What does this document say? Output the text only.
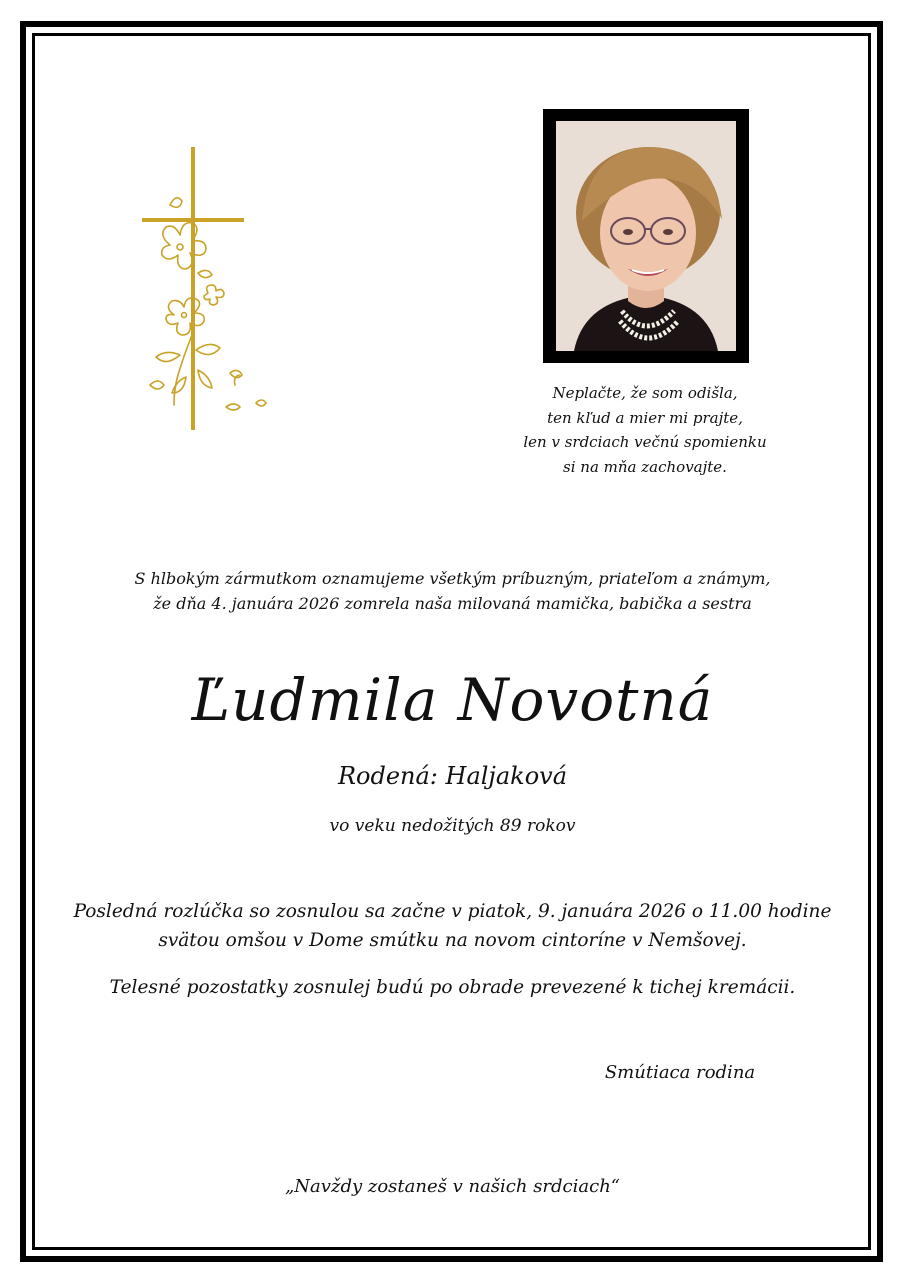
Neplačte, že som odišla,
ten kľud a mier mi prajte,
len v srdciach večnú spomienku
si na mňa zachovajte.
S hlbokým zármutkom oznamujeme všetkým príbuzným, priateľom a známym,
že dňa 4. januára 2026 zomrela naša milovaná mamička, babička a sestra
Ľudmila Novotná
Rodená: Haljaková
vo veku nedožitých 89 rokov
Posledná rozlúčka so zosnulou sa začne v piatok, 9. januára 2026 o 11.00 hodine
svätou omšou v Dome smútku na novom cintoríne v Nemšovej.
Telesné pozostatky zosnulej budú po obrade prevezené k tichej kremácii.
Smútiaca rodina
„Navždy zostaneš v našich srdciach“
